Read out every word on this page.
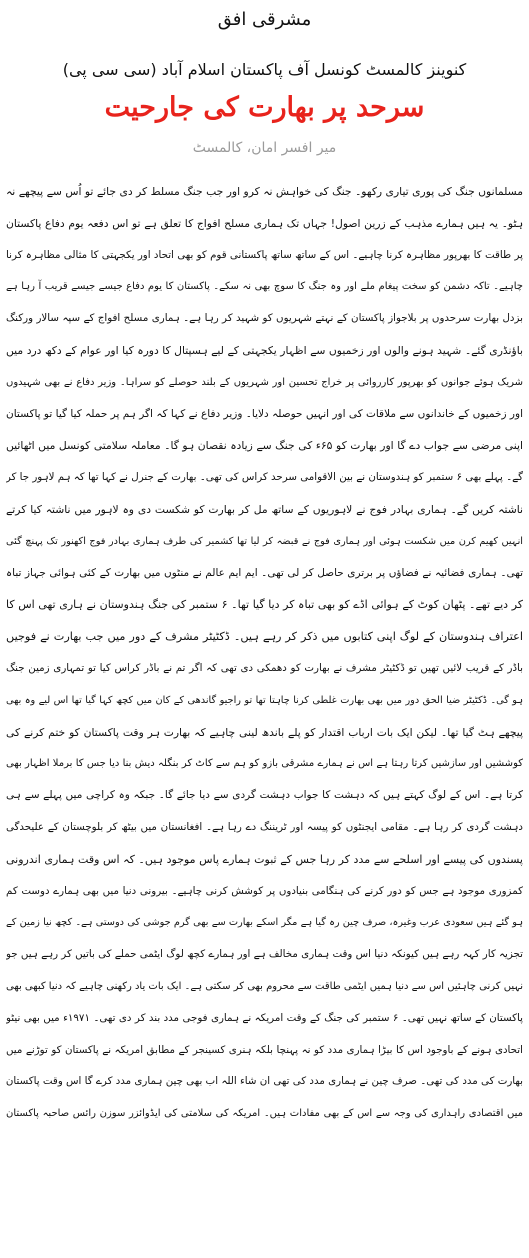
مشرقی افق
کنوینز کالمسٹ کونسل آف پاکستان اسلام آباد (سی سی پی)
سرحد پر بھارت کی جارحیت
میر افسر امان، کالمسٹ
مسلمانوں جنگ کی پوری تیاری رکھو۔ جنگ کی خواہش نہ کرو اور جب جنگ مسلط کر دی جائے تو اُس سے پیچھے نہ
ہٹو۔ یہ ہیں ہمارے مذہب کے زرین اصول! جہاں تک ہماری مسلح افواج کا تعلق ہے تو اس دفعہ یوم دفاع پاکستان
پر طاقت کا بھرپور مظاہرہ کرنا چاہیے۔ اس کے ساتھ ساتھ پاکستانی قوم کو بھی اتحاد اور یکجہتی کا مثالی مظاہرہ کرنا
چاہیے۔ تاکہ دشمن کو سخت پیغام ملے اور وہ جنگ کا سوچ بھی نہ سکے۔ پاکستان کا یوم دفاع جیسے جیسے قریب آ رہا ہے
بزدل بھارت سرحدوں پر بلاجواز پاکستان کے نہتے شہریوں کو شہید کر رہا ہے۔ ہماری مسلح افواج کے سپہ سالار ورکنگ
باؤنڈری گئے۔ شہید ہونے والوں اور زخمیوں سے اظہار یکجہتی کے لیے ہسپتال کا دورہ کیا اور عوام کے دکھ درد میں
شریک ہوئے جوانوں کو بھرپور کارروائی پر خراج تحسین اور شہریوں کے بلند حوصلے کو سراہا۔ وزیر دفاع نے بھی شہیدوں
اور زخمیوں کے خاندانوں سے ملاقات کی اور انہیں حوصلہ دلایا۔ وزیر دفاع نے کہا کہ اگر ہم پر حملہ کیا گیا تو پاکستان
اپنی مرضی سے جواب دے گا اور بھارت کو ۶۵ء کی جنگ سے زیادہ نقصان ہو گا۔ معاملہ سلامتی کونسل میں اٹھائیں
گے۔ پہلے بھی ۶ ستمبر کو ہندوستان نے بین الاقوامی سرحد کراس کی تھی۔ بھارت کے جنرل نے کہا تھا کہ ہم لاہور جا کر
ناشتہ کریں گے۔ ہماری بہادر فوج نے لاہوریوں کے ساتھ مل کر بھارت کو شکست دی وہ لاہور میں ناشتہ کیا کرتے
انہیں کھیم کرن میں شکست ہوئی اور ہماری فوج نے قبضہ کر لیا تھا کشمیر کی طرف ہماری بہادر فوج اکھنور تک پہنچ گئی
تھی۔ ہماری فضائیہ نے فضاؤں پر برتری حاصل کر لی تھی۔ ایم ایم عالم نے منٹوں میں بھارت کے کئی ہوائی جہاز تباہ
کر دیے تھے۔ پٹھان کوٹ کے ہوائی اڈے کو بھی تباہ کر دیا گیا تھا۔ ۶ ستمبر کی جنگ ہندوستان نے ہاری تھی اس کا
اعتراف ہندوستان کے لوگ اپنی کتابوں میں ذکر کر رہے ہیں۔ ڈکٹیٹر مشرف کے دور میں جب بھارت نے فوجیں
باڈر کے قریب لائیں تھیں تو ڈکٹیٹر مشرف نے بھارت کو دھمکی دی تھی کہ اگر تم نے باڈر کراس کیا تو تمہاری زمین جنگ
ہو گی۔ ڈکٹیٹر ضیا الحق دور میں بھی بھارت غلطی کرنا چاہتا تھا تو راجیو گاندھی کے کان میں کچھ کہا گیا تھا اس لیے وہ بھی
پیچھے ہٹ گیا تھا۔ لیکن ایک بات ارباب اقتدار کو پلے باندھ لینی چاہیے کہ بھارت ہر وقت پاکستان کو ختم کرنے کی
کوششیں اور سازشیں کرتا رہتا ہے اس نے ہمارے مشرقی بازو کو ہم سے کاٹ کر بنگلہ دیش بنا دیا جس کا برملا اظہار بھی
کرتا ہے۔ اس کے لوگ کہتے ہیں کہ دہشت کا جواب دہشت گردی سے دیا جائے گا۔ جبکہ وہ کراچی میں پہلے سے ہی
دہشت گردی کر رہا ہے۔ مقامی ایجنٹوں کو پیسہ اور ٹریننگ دے رہا ہے۔ افغانستان میں بیٹھ کر بلوچستان کے علیحدگی
پسندوں کی پیسے اور اسلحے سے مدد کر رہا جس کے ثبوت ہمارے پاس موجود ہیں۔ کہ اس وقت ہماری اندرونی
کمزوری موجود ہے جس کو دور کرنے کی ہنگامی بنیادوں پر کوشش کرنی چاہیے۔ بیرونی دنیا میں بھی ہمارے دوست کم
ہو گئے ہیں سعودی عرب وغیرہ، صرف چین رہ گیا ہے مگر اسکے بھارت سے بھی گرم جوشی کی دوستی ہے۔ کچھ نیا زمین کے
تجزیہ کار کہہ رہے ہیں کیونکہ دنیا اس وقت ہماری مخالف ہے اور ہمارے کچھ لوگ ایٹمی حملے کی باتیں کر رہے ہیں جو
نہیں کرنی چاہئیں اس سے دنیا ہمیں ایٹمی طاقت سے محروم بھی کر سکتی ہے۔ ایک بات یاد رکھنی چاہیے کہ دنیا کبھی بھی
پاکستان کے ساتھ نہیں تھی۔ ۶ ستمبر کی جنگ کے وقت امریکہ نے ہماری فوجی مدد بند کر دی تھی۔ ۱۹۷۱ء میں بھی نیٹو
اتحادی ہونے کے باوجود اس کا بیڑا ہماری مدد کو نہ پہنچا بلکہ ہنری کسینجر کے مطابق امریکہ نے پاکستان کو توڑنے میں
بھارت کی مدد کی تھی۔ صرف چین نے ہماری مدد کی تھی ان شاء اللہ اب بھی چین ہماری مدد کرے گا اس وقت پاکستان
میں اقتصادی راہداری کی وجہ سے اس کے بھی مفادات ہیں۔ امریکہ کی سلامتی کی ایڈوائزر سوزن رائس صاحبہ پاکستان
